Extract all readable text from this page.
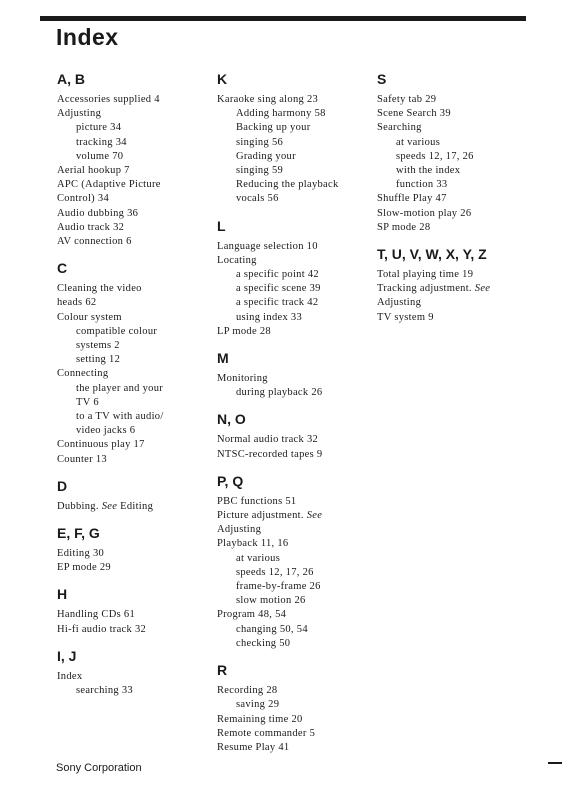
Index
A, B
Accessories supplied 4
Adjusting
picture 34
tracking 34
volume 70
Aerial hookup 7
APC (Adaptive Picture
Control) 34
Audio dubbing 36
Audio track 32
AV connection 6
C
Cleaning the video
heads 62
Colour system
compatible colour
systems 2
setting 12
Connecting
the player and your
TV 6
to a TV with audio/
video jacks 6
Continuous play 17
Counter 13
D
Dubbing. See Editing
E, F, G
Editing 30
EP mode 29
H
Handling CDs 61
Hi-fi audio track 32
I, J
Index
searching 33
K
Karaoke sing along 23
Adding harmony 58
Backing up your
singing 56
Grading your
singing 59
Reducing the playback
vocals 56
L
Language selection 10
Locating
a specific point 42
a specific scene 39
a specific track 42
using index 33
LP mode 28
M
Monitoring
during playback 26
N, O
Normal audio track 32
NTSC-recorded tapes 9
P, Q
PBC functions 51
Picture adjustment. See
Adjusting
Playback 11, 16
at various
speeds 12, 17, 26
frame-by-frame 26
slow motion 26
Program 48, 54
changing 50, 54
checking 50
R
Recording 28
saving 29
Remaining time 20
Remote commander 5
Resume Play 41
S
Safety tab 29
Scene Search 39
Searching
at various
speeds 12, 17, 26
with the index
function 33
Shuffle Play 47
Slow-motion play 26
SP mode 28
T, U, V, W, X, Y, Z
Total playing time 19
Tracking adjustment. See
Adjusting
TV system 9
Sony Corporation
